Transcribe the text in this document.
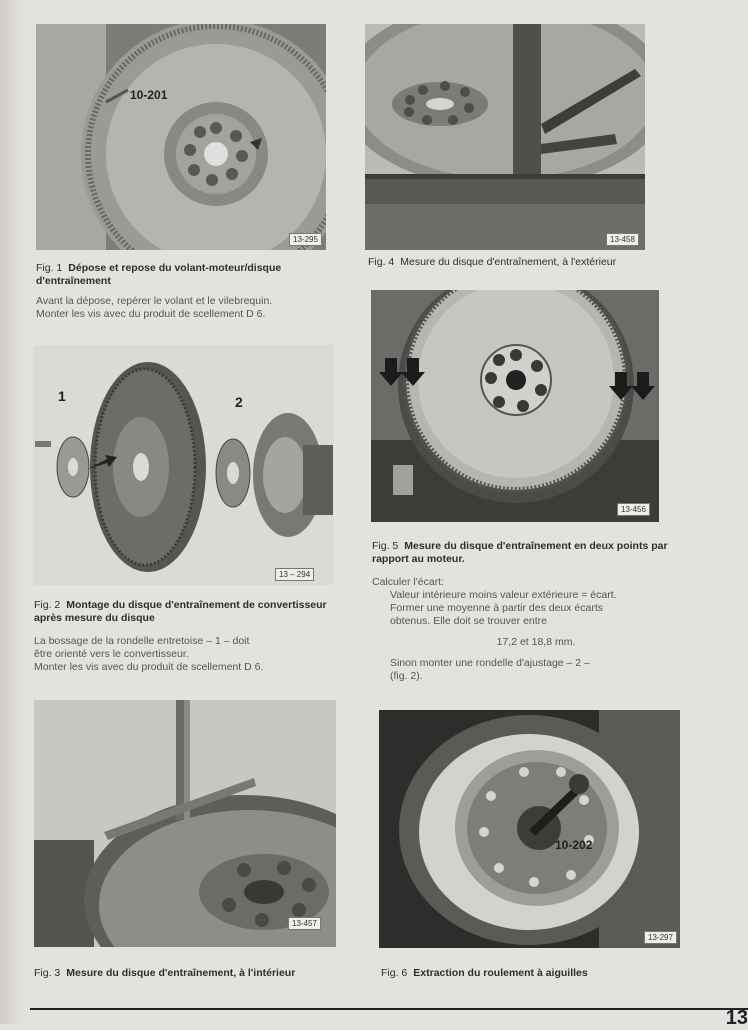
10-201
13-295
Fig. 1 Dépose et repose du volant-moteur/disque d'entraînement

Avant la dépose, repérer le volant et le vilebrequin.

Monter les vis avec du produit de scellement D 6.

1	2
13 – 294
Fig. 2 Montage du disque d'entraînement de convertisseur après mesure du disque

La bossage de la rondelle entretoise – 1 – doit

être orienté vers le convertisseur.

Monter les vis avec du produit de scellement D 6.

13-457
Fig. 3 Mesure du disque d'entraînement, à l'intérieur
13-458
Fig. 4 Mesure du disque d'entraînement, à l'extérieur
13-456
Fig. 5 Mesure du disque d'entraînement en deux points par rapport au moteur.

Calculer l'écart:

Valeur intérieure moins valeur extérieure = écart.

Former une moyenne à partir des deux écarts

obtenus. Elle doit se trouver entre

17,2 et 18,8 mm.

Sinon monter une rondelle d'ajustage – 2 –

(fig. 2).

10-202
13-297
Fig. 6 Extraction du roulement à aiguilles
13
